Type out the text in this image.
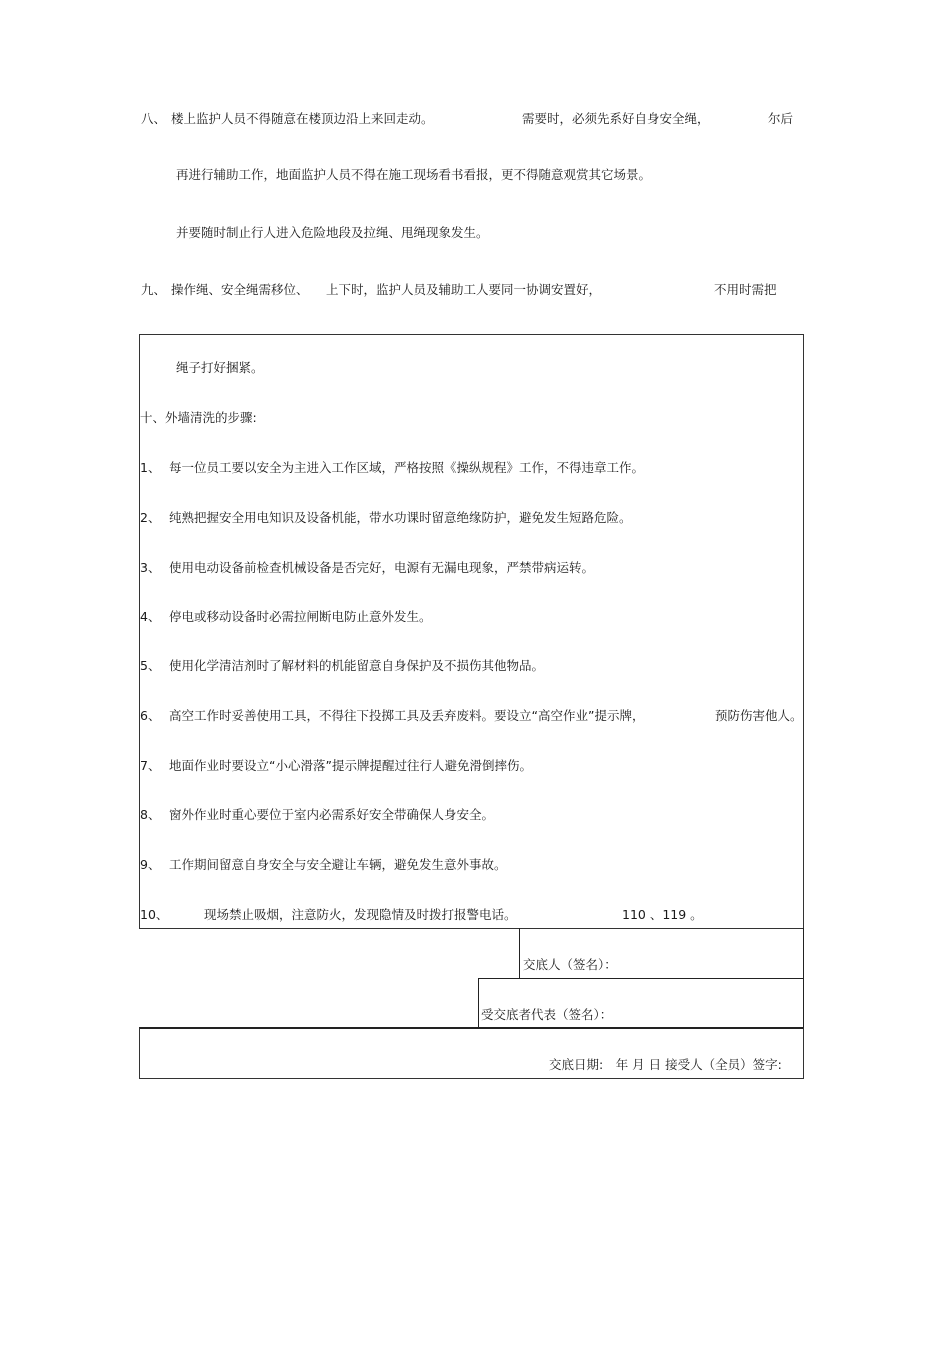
八、 楼上监护人员不得随意在楼顶边沿上来回走动。	需要时，必须先系好自身安全绳，	尔后
再进行辅助工作，地面监护人员不得在施工现场看书看报，更不得随意观赏其它场景。
并要随时制止行人进入危险地段及拉绳、甩绳现象发生。
九、 操作绳、安全绳需移位、 上下时，监护人员及辅助工人要同一协调安置好，	不用时需把
绳子打好捆紧。
十、外墙清洗的步骤:
1、 每一位员工要以安全为主进入工作区域，严格按照《操纵规程》工作，不得违章工作。
2、 纯熟把握安全用电知识及设备机能，带水功课时留意绝缘防护，避免发生短路危险。
3、 使用电动设备前检查机械设备是否完好，电源有无漏电现象，严禁带病运转。
4、 停电或移动设备时必需拉闸断电防止意外发生。
5、 使用化学清洁剂时了解材料的机能留意自身保护及不损伤其他物品。
6、 高空工作时妥善使用工具，不得往下投掷工具及丢弃废料。要设立“高空作业”提示牌，	预防伤害他人。
7、 地面作业时要设立“小心滑落”提示牌提醒过往行人避免滑倒摔伤。
8、 窗外作业时重心要位于室内必需系好安全带确保人身安全。
9、 工作期间留意自身安全与安全避让车辆，避免发生意外事故。
10、	现场禁止吸烟，注意防火，发现隐情及时拨打报警电话。	110 、119 。
交底人（签名）：
受交底者代表（签名）：
交底日期:　年 月 日 接受人（全员）签字:
